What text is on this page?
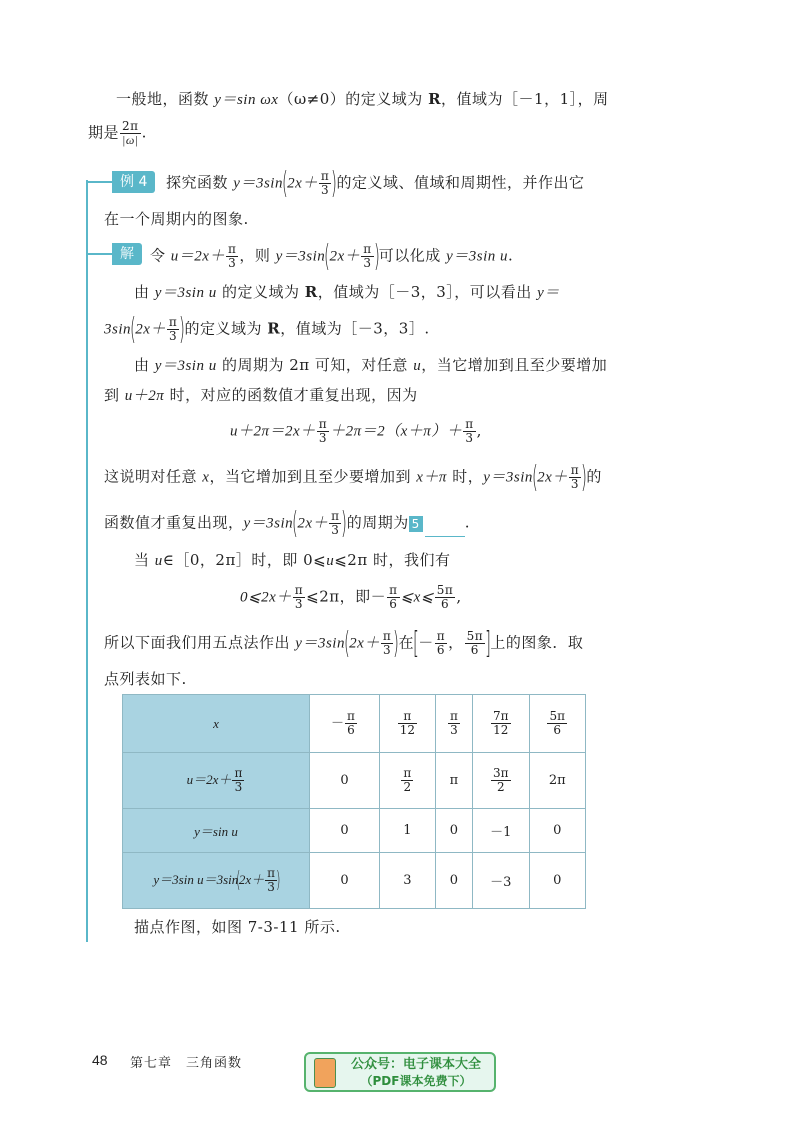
一般地，函数 y＝sin ωx（ω≠0）的定义域为 R，值域为［－1，1］，周
期是 $\frac{2\pi}{|\omega|}$ .
例 4	探究函数 $y=3\sin(2x+ \frac{\pi}{3}$ )的定义域、值域和周期性，并作出它
在一个周期内的图象.
解	令 $u=2x+ \frac{\pi}{3}$ ，则 $y=3\sin(2x+ \frac{\pi}{3}$ )可以化成 y＝3sin u.
由 y＝3sin u 的定义域为 R，值域为［－3，3］，可以看出 y＝
$3\sin(2x+ \frac{\pi}{3}$ )的定义域为 R，值域为［－3，3］.
由 y＝3sin u 的周期为 2π 可知，对任意 u，当它增加到且至少要增加
到 u＋2π 时，对应的函数值才重复出现，因为
$u+2\pi=2x+ \frac{\pi}{3} +2\pi=2(x+\pi)+ \frac{\pi}{3}$ ,
这说明对任意 x，当它增加到且至少要增加到 x＋π 时，$y=3\sin(2x+ \frac{\pi}{3}$ )的
函数值才重复出现，$y=3\sin(2x+ \frac{\pi}{3}$ )的周期为 5	.
当 u∈［0，2π］时，即 0⩽u⩽2π 时，我们有
0⩽2x＋ $\frac{\pi}{3}$ ⩽2π，即－ $\frac{\pi}{6}$ ⩽x⩽ $\frac{5\pi}{6}$ ,
所以下面我们用五点法作出 $y=3\sin(2x+ \frac{\pi}{3}$ )在[－ $\frac{\pi}{6}$ ， $\frac{5\pi}{6}$ ]上的图象．取
点列表如下.
x	－ $\frac{\pi}{6}$	$\frac{\pi}{12}$	$\frac{\pi}{3}$	$\frac{7\pi}{12}$	$\frac{5\pi}{6}$

$u=2x+ \frac{\pi}{3}$	0	$\frac{\pi}{2}$	π	$\frac{3\pi}{2}$	2π
y＝sin u	0	1	0	－1	0
y＝3sin $u=3\sin(2x+ \frac{\pi}{3}$ )	0	3	0	－3	0
描点作图，如图 7-3-11 所示.
48 第七章　三角函数	公众号：电子课本大全
（PDF课本免费下）
